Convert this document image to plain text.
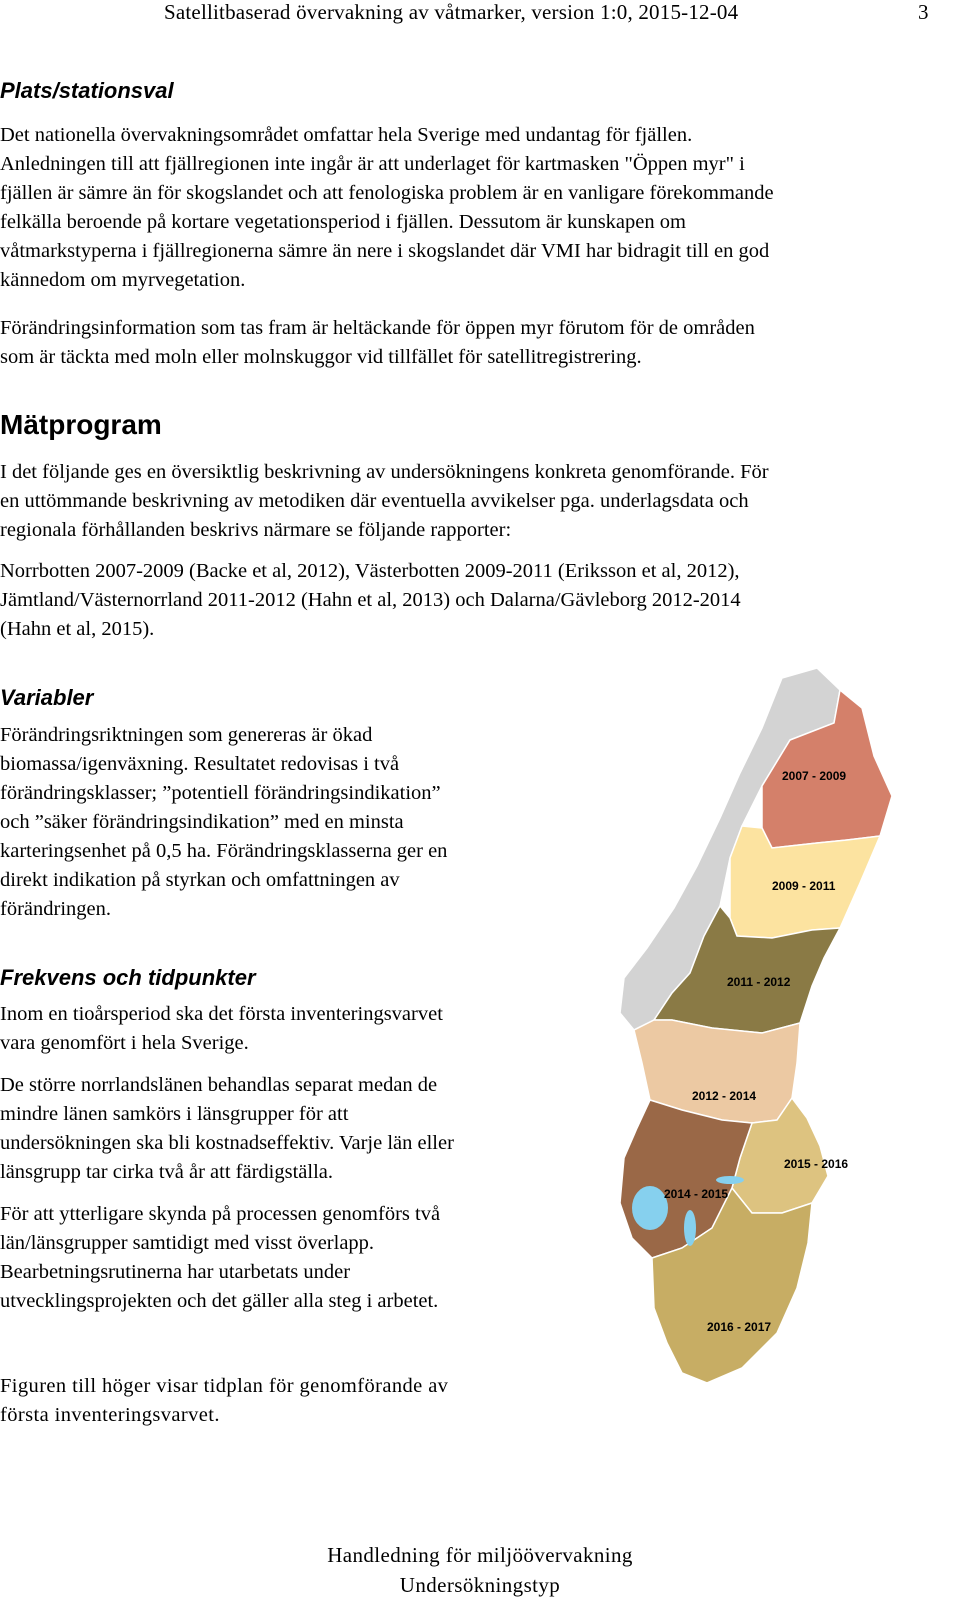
Satellitbaserad övervakning av våtmarker, version 1:0, 2015-12-04	3
Plats/stationsval

Det nationella övervakningsområdet omfattar hela Sverige med undantag för fjällen.

Anledningen till att fjällregionen inte ingår är att underlaget för kartmasken "Öppen myr" i

fjällen är sämre än för skogslandet och att fenologiska problem är en vanligare förekommande

felkälla beroende på kortare vegetationsperiod i fjällen. Dessutom är kunskapen om

våtmarkstyperna i fjällregionerna sämre än nere i skogslandet där VMI har bidragit till en god

kännedom om myrvegetation.

Förändringsinformation som tas fram är heltäckande för öppen myr förutom för de områden

som är täckta med moln eller molnskuggor vid tillfället för satellitregistrering.

Mätprogram

I det följande ges en översiktlig beskrivning av undersökningens konkreta genomförande. För

en uttömmande beskrivning av metodiken där eventuella avvikelser pga. underlagsdata och

regionala förhållanden beskrivs närmare se följande rapporter:

Norrbotten 2007-2009 (Backe et al, 2012), Västerbotten 2009-2011 (Eriksson et al, 2012),

Jämtland/Västernorrland 2011-2012 (Hahn et al, 2013) och Dalarna/Gävleborg 2012-2014

(Hahn et al, 2015).

Variabler

Förändringsriktningen som genereras är ökad

biomassa/igenväxning. Resultatet redovisas i två

förändringsklasser; ”potentiell förändringsindikation”

och ”säker förändringsindikation” med en minsta

karteringsenhet på 0,5 ha. Förändringsklasserna ger en

direkt indikation på styrkan och omfattningen av

förändringen.

Frekvens och tidpunkter

Inom en tioårsperiod ska det första inventeringsvarvet

vara genomfört i hela Sverige.

De större norrlandslänen behandlas separat medan de

mindre länen samkörs i länsgrupper för att

undersökningen ska bli kostnadseffektiv. Varje län eller

länsgrupp tar cirka två år att färdigställa.

För att ytterligare skynda på processen genomförs två

län/länsgrupper samtidigt med visst överlapp.

Bearbetningsrutinerna har utarbetats under

utvecklingsprojekten och det gäller alla steg i arbetet.

Figuren till höger visar tidplan för genomförande av

första inventeringsvarvet.

2007 - 2009
2009 - 2011
2011 - 2012
2012 - 2014
2015 - 2016
2014 - 2015
2016 - 2017
Handledning för miljöövervakning
Undersökningstyp
